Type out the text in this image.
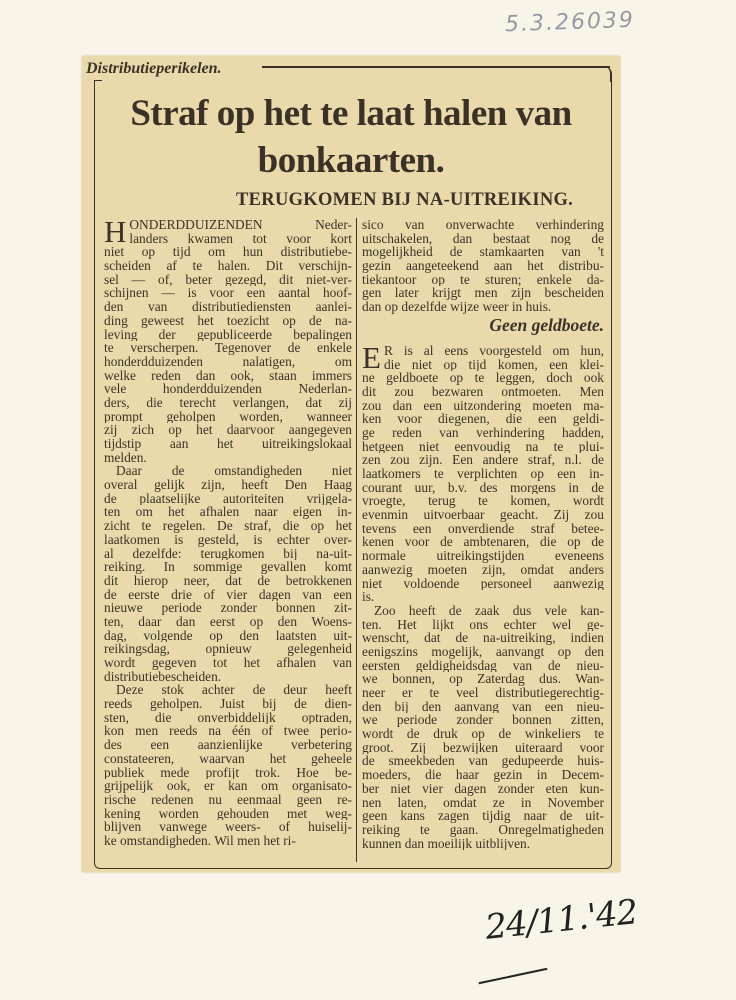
5.3.26039
Distributieperikelen.
Straf op het te laat halen van
bonkaarten.
TERUGKOMEN BIJ NA-UITREIKING.
H ONDERDDUIZENDEN Neder-
landers kwamen tot voor kort
niet op tijd om hun distributiebe-
scheiden af te halen. Dit verschijn-
sel — of, beter gezegd, dit niet-ver-
schijnen — is voor een aantal hoof-
den van distributiediensten aanlei-
ding geweest het toezicht op de na-
leving der gepubliceerde bepalingen
te verscherpen. Tegenover de enkele
honderdduizenden nalatigen, om
welke reden dan ook, staan immers
vele honderdduizenden Nederlan-
ders, die terecht verlangen, dat zij
prompt geholpen worden, wanneer
zij zich op het daarvoor aangegeven
tijdstip aan het uitreikingslokaal
melden.
Daar de omstandigheden niet
overal gelijk zijn, heeft Den Haag
de plaatselijke autoriteiten vrijgela-
ten om het afhalen naar eigen in-
zicht te regelen. De straf, die op het
laatkomen is gesteld, is echter over-
al dezelfde: terugkomen bij na-uit-
reiking. In sommige gevallen komt
dit hierop neer, dat de betrokkenen
de eerste drie of vier dagen van een
nieuwe periode zonder bonnen zit-
ten, daar dan eerst op den Woens-
dag, volgende op den laatsten uit-
reikingsdag, opnieuw gelegenheid
wordt gegeven tot het afhalen van
distributiebescheiden.
Deze stok achter de deur heeft
reeds geholpen. Juist bij de dien-
sten, die onverbiddelijk optraden,
kon men reeds na één of twee perio-
des een aanzienlijke verbetering
constateeren, waarvan het geheele
publiek mede profijt trok. Hoe be-
grijpelijk ook, er kan om organisato-
rische redenen nu eenmaal geen re-
kening worden gehouden met weg-
blijven vanwege weers- of huiselij-
ke omstandigheden. Wil men het ri-
sico van onverwachte verhindering
uitschakelen, dan bestaat nog de
mogelijkheid de stamkaarten van 't
gezin aangeteekend aan het distribu-
tiekantoor op te sturen; enkele da-
gen later krijgt men zijn bescheiden
dan op dezelfde wijze weer in huis.
Geen geldboete.
E R is al eens voorgesteld om hun,
die niet op tijd komen, een klei-
ne geldboete op te leggen, doch ook
dit zou bezwaren ontmoeten. Men
zou dan een uitzondering moeten ma-
ken voor diegenen, die een geldi-
ge reden van verhindering hadden,
hetgeen niet eenvoudig na te plui-
zen zou zijn. Een andere straf, n.l. de
laatkomers te verplichten op een in-
courant uur, b.v. des morgens in de
vroegte, terug te komen, wordt
evenmin uitvoerbaar geacht. Zij zou
tevens een onverdiende straf betee-
kenen voor de ambtenaren, die op de
normale uitreikingstijden eveneens
aanwezig moeten zijn, omdat anders
niet voldoende personeel aanwezig
is.
Zoo heeft de zaak dus vele kan-
ten. Het lijkt ons echter wel ge-
wenscht, dat de na-uitreiking, indien
eenigszins mogelijk, aanvangt op den
eersten geldigheidsdag van de nieu-
we bonnen, op Zaterdag dus. Wan-
neer er te veel distributiegerechtig-
den bij den aanvang van een nieu-
we periode zonder bonnen zitten,
wordt de druk op de winkeliers te
groot. Zij bezwijken uiteraard voor
de smeekbeden van gedupeerde huis-
moeders, die haar gezin in Decem-
ber niet vier dagen zonder eten kun-
nen laten, omdat ze in November
geen kans zagen tijdig naar de uit-
reiking te gaan. Onregelmatigheden
kunnen dan moeilijk uitblijven.
24/11.'42
